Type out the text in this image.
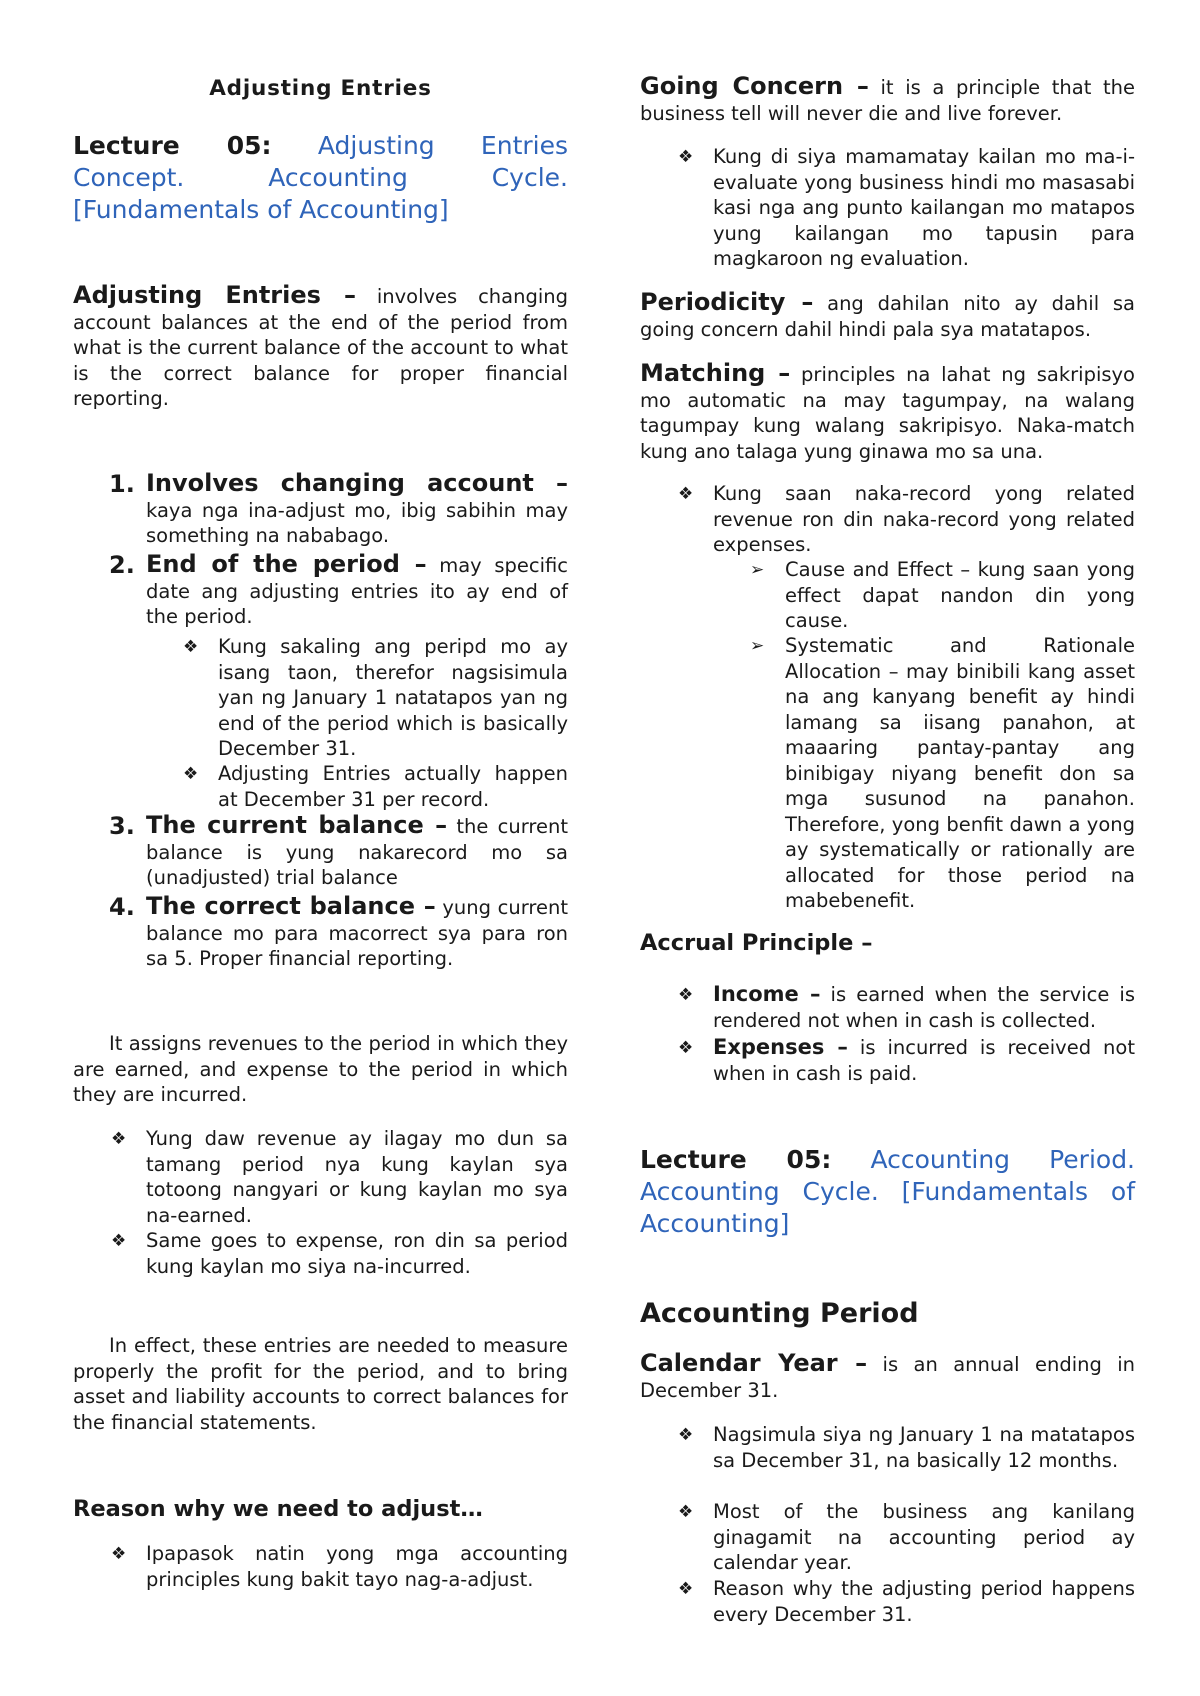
Adjusting Entries

Lecture 05: Adjusting Entries Concept. Accounting Cycle. [Fundamentals of Accounting]

Adjusting Entries – involves changing account balances at the end of the period from what is the current balance of the account to what is the correct balance for proper financial reporting.

1. Involves changing account – kaya nga ina-adjust mo, ibig sabihin may something na nababago.

2. End of the period – may specific date ang adjusting entries ito ay end of the period.

❖ Kung sakaling ang peripd mo ay isang taon, therefor nagsisimula yan ng January 1 natatapos yan ng end of the period which is basically December 31.

❖ Adjusting Entries actually happen at December 31 per record.

3. The current balance – the current balance is yung nakarecord mo sa (unadjusted) trial balance

4. The correct balance – yung current balance mo para macorrect sya para ron sa 5. Proper financial reporting.

It assigns revenues to the period in which they are earned, and expense to the period in which they are incurred.

❖ Yung daw revenue ay ilagay mo dun sa tamang period nya kung kaylan sya totoong nangyari or kung kaylan mo sya na-earned.

❖ Same goes to expense, ron din sa period kung kaylan mo siya na-incurred.

In effect, these entries are needed to measure properly the profit for the period, and to bring asset and liability accounts to correct balances for the financial statements.

Reason why we need to adjust…
❖ Ipapasok natin yong mga accounting principles kung bakit tayo nag-a-adjust.

Going Concern – it is a principle that the business tell will never die and live forever.

❖ Kung di siya mamamatay kailan mo ma-i-evaluate yong business hindi mo masasabi kasi nga ang punto kailangan mo matapos yung kailangan mo tapusin para magkaroon ng evaluation.

Periodicity – ang dahilan nito ay dahil sa going concern dahil hindi pala sya matatapos.

Matching – principles na lahat ng sakripisyo mo automatic na may tagumpay, na walang tagumpay kung walang sakripisyo. Naka-match kung ano talaga yung ginawa mo sa una.

❖ Kung saan naka-record yong related revenue ron din naka-record yong related expenses.

➢ Cause and Effect – kung saan yong effect dapat nandon din yong cause.

➢ Systematic and Rationale Allocation – may binibili kang asset na ang kanyang benefit ay hindi lamang sa iisang panahon, at maaaring pantay-pantay ang binibigay niyang benefit don sa mga susunod na panahon. Therefore, yong benfit dawn a yong ay systematically or rationally are allocated for those period na mabebenefit.

Accrual Principle –
❖ Income – is earned when the service is rendered not when in cash is collected.

❖ Expenses – is incurred is received not when in cash is paid.

Lecture 05: Accounting Period. Accounting Cycle. [Fundamentals of Accounting]

Accounting Period

Calendar Year – is an annual ending in December 31.

❖ Nagsimula siya ng January 1 na matatapos sa December 31, na basically 12 months.

❖ Most of the business ang kanilang ginagamit na accounting period ay calendar year.

❖ Reason why the adjusting period happens every December 31.
